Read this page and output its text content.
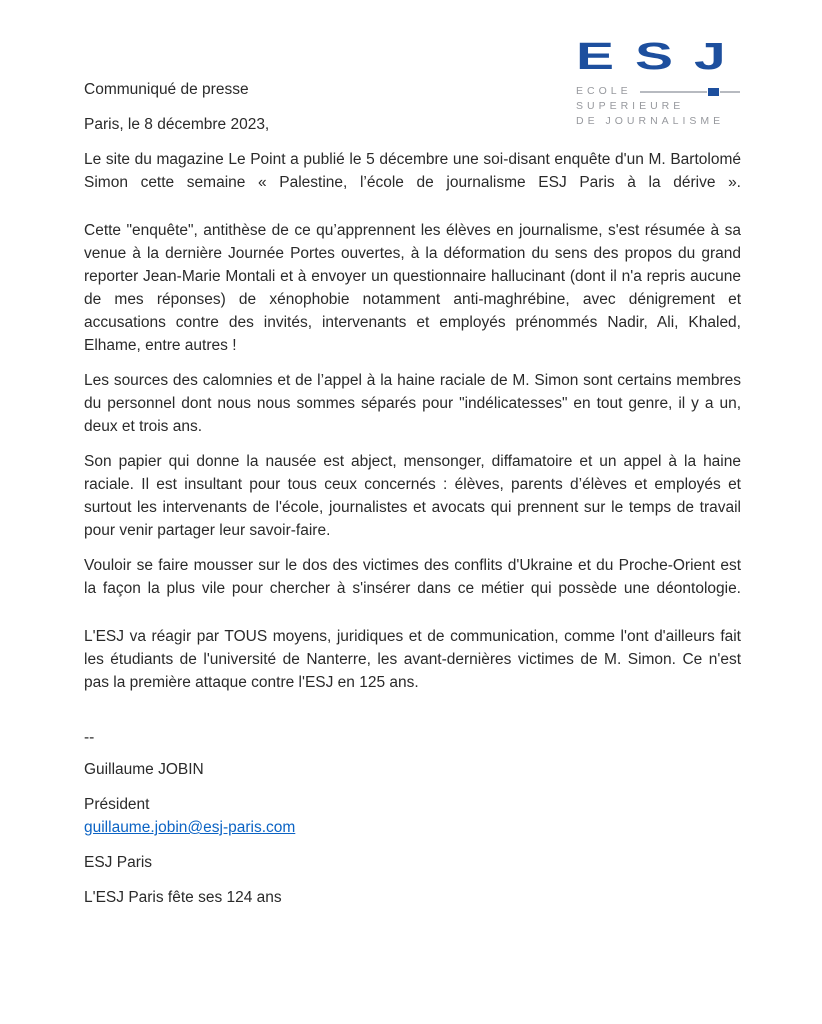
ESJ
ECOLE
SUPERIEURE
DE JOURNALISME

Communiqué de presse

Paris, le 8 décembre 2023,

Le site du magazine Le Point a publié le 5 décembre une soi-disant enquête d'un M. Bartolomé Simon cette semaine « Palestine, l’école de journalisme ESJ Paris à la dérive ».

Cette "enquête", antithèse de ce qu’apprennent les élèves en journalisme, s'est résumée à sa venue à la dernière Journée Portes ouvertes, à la déformation du sens des propos du grand reporter Jean-Marie Montali et à envoyer un questionnaire hallucinant (dont il n'a repris aucune de mes réponses) de xénophobie notamment anti-maghrébine, avec dénigrement et accusations contre des invités, intervenants et employés prénommés Nadir, Ali, Khaled, Elhame, entre autres !

Les sources des calomnies et de l’appel à la haine raciale de M. Simon sont certains membres du personnel dont nous nous sommes séparés pour "indélicatesses" en tout genre, il y a un, deux et trois ans.

Son papier qui donne la nausée est abject, mensonger, diffamatoire et un appel à la haine raciale. Il est insultant pour tous ceux concernés : élèves, parents d’élèves et employés et surtout les intervenants de l'école, journalistes et avocats qui prennent sur le temps de travail pour venir partager leur savoir-faire.

Vouloir se faire mousser sur le dos des victimes des conflits d'Ukraine et du Proche-Orient est la façon la plus vile pour chercher à s'insérer dans ce métier qui possède une déontologie.

L'ESJ va réagir par TOUS moyens, juridiques et de communication, comme l'ont d'ailleurs fait les étudiants de l'université de Nanterre, les avant-dernières victimes de M. Simon. Ce n'est pas la première attaque contre l'ESJ en 125 ans.

--

Guillaume JOBIN

Président

guillaume.jobin@esj-paris.com

ESJ Paris

L'ESJ Paris fête ses 124 ans
